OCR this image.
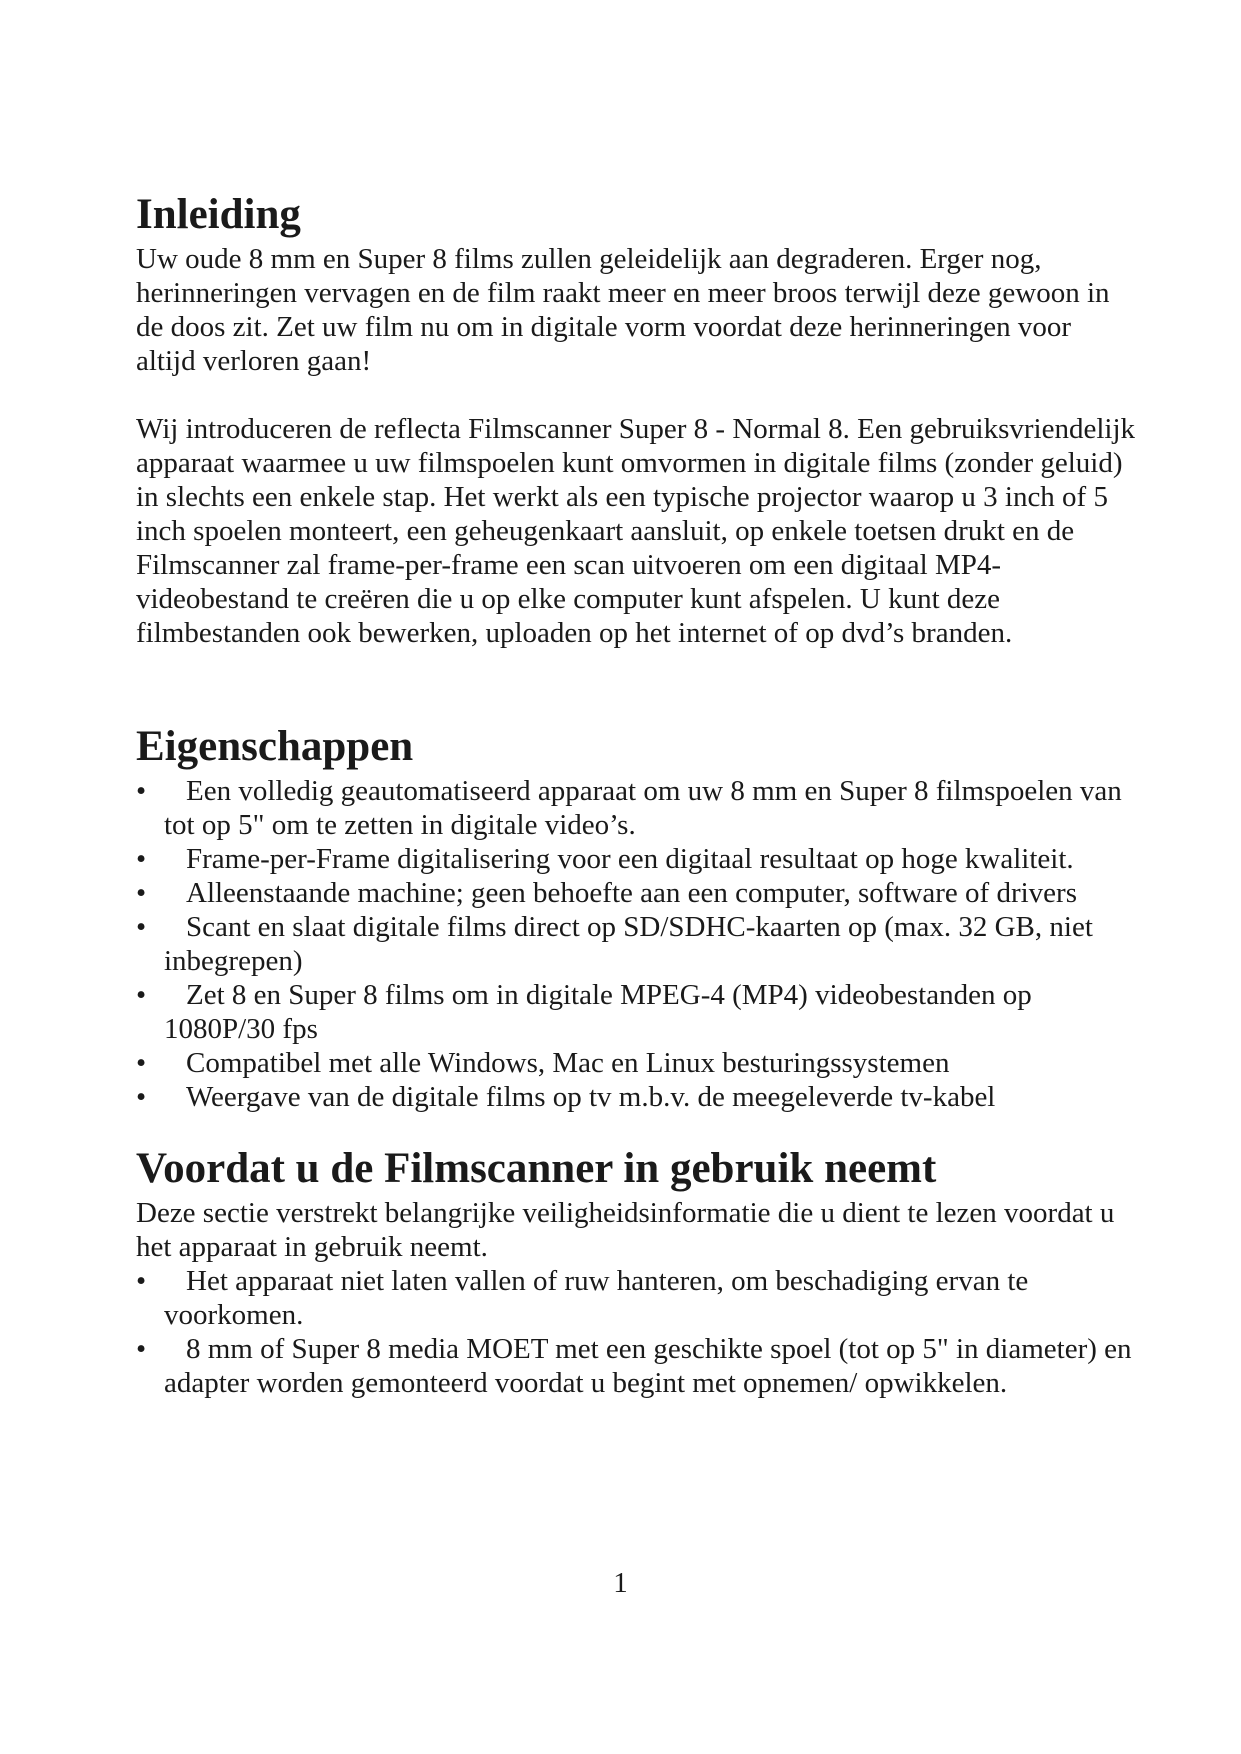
Inleiding

Uw oude 8 mm en Super 8 films zullen geleidelijk aan degraderen. Erger nog, herinneringen vervagen en de film raakt meer en meer broos terwijl deze gewoon in de doos zit. Zet uw film nu om in digitale vorm voordat deze herinneringen voor altijd verloren gaan!

Wij introduceren de reflecta Filmscanner Super 8 - Normal 8. Een gebruiksvriendelijk apparaat waarmee u uw filmspoelen kunt omvormen in digitale films (zonder geluid) in slechts een enkele stap. Het werkt als een typische projector waarop u 3 inch of 5 inch spoelen monteert, een geheugenkaart aansluit, op enkele toetsen drukt en de Filmscanner zal frame-per-frame een scan uitvoeren om een digitaal MP4-videobestand te creëren die u op elke computer kunt afspelen. U kunt deze filmbestanden ook bewerken, uploaden op het internet of op dvd’s branden.

Eigenschappen
•	Een volledig geautomatiseerd apparaat om uw 8 mm en Super 8 filmspoelen van tot op 5" om te zetten in digitale video’s.
•	Frame-per-Frame digitalisering voor een digitaal resultaat op hoge kwaliteit.
•	Alleenstaande machine; geen behoefte aan een computer, software of drivers
•	Scant en slaat digitale films direct op SD/SDHC-kaarten op (max. 32 GB, niet inbegrepen)
•	Zet 8 en Super 8 films om in digitale MPEG-4 (MP4) videobestanden op 1080P/30 fps
•	Compatibel met alle Windows, Mac en Linux besturingssystemen
•	Weergave van de digitale films op tv m.b.v. de meegeleverde tv-kabel
Voordat u de Filmscanner in gebruik neemt

Deze sectie verstrekt belangrijke veiligheidsinformatie die u dient te lezen voordat u het apparaat in gebruik neemt.

•	Het apparaat niet laten vallen of ruw hanteren, om beschadiging ervan te voorkomen.
•	8 mm of Super 8 media MOET met een geschikte spoel (tot op 5" in diameter) en adapter worden gemonteerd voordat u begint met opnemen/ opwikkelen.
1
